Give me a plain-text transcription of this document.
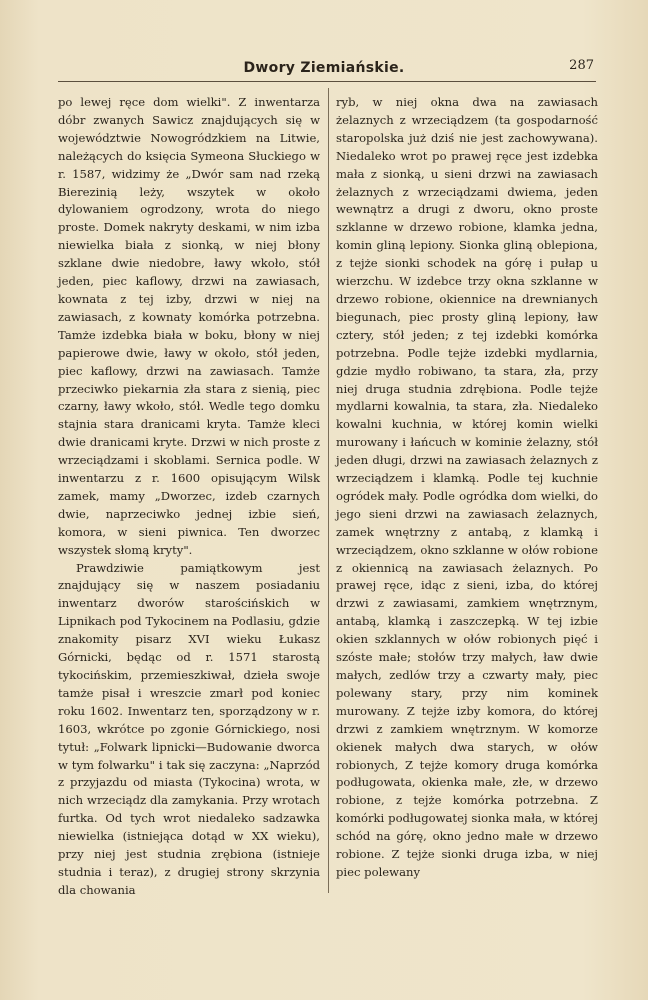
Dwory Ziemiańskie.	287

po lewej ręce dom wielki". Z inwentarza dóbr zwanych Sawicz znajdujących się w województwie Nowogródzkiem na Litwie, należących do księcia Symeona Słuckiego w r. 1587, widzimy że „Dwór sam nad rzeką Bierezinią leży, wszytek w około dylowaniem ogrodzony, wrota do niego proste. Domek nakryty deskami, w nim izba niewielka biała z sionką, w niej błony szklane dwie niedobre, ławy wkoło, stół jeden, piec kaflowy, drzwi na zawiasach, kownata z tej izby, drzwi w niej na zawiasach, z kownaty komórka potrzebna. Tamże izdebka biała w boku, błony w niej papierowe dwie, ławy w około, stół jeden, piec kaflowy, drzwi na zawiasach. Tamże przeciwko piekarnia zła stara z sienią, piec czarny, ławy wkoło, stół. Wedle tego domku stajnia stara dranicami kryta. Tamże kleci dwie dranicami kryte. Drzwi w nich proste z wrzeciądzami i skoblami. Sernica podle. W inwentarzu z r. 1600 opisującym Wilsk zamek, mamy „Dworzec, izdeb czarnych dwie, naprzeciwko jednej izbie sień, komora, w sieni piwnica. Ten dworzec wszystek słomą kryty".

Prawdziwie pamiątkowym jest znajdujący się w naszem posiadaniu inwentarz dworów starościńskich w Lipnikach pod Tykocinem na Podlasiu, gdzie znakomity pisarz XVI wieku Łukasz Górnicki, będąc od r. 1571 starostą tykocińskim, przemieszkiwał, dzieła swoje tamże pisał i wreszcie zmarł pod koniec roku 1602. Inwentarz ten, sporządzony w r. 1603, wkrótce po zgonie Górnickiego, nosi tytuł: „Folwark lipnicki—Budowanie dworca w tym folwarku" i tak się zaczyna: „Naprzód z przyjazdu od miasta (Tykocina) wrota, w nich wrzeciądz dla zamykania. Przy wrotach furtka. Od tych wrot niedaleko sadzawka niewielka (istniejąca dotąd w XX wieku), przy niej jest studnia zrębiona (istnieje studnia i teraz), z drugiej strony skrzynia dla chowania

ryb, w niej okna dwa na zawiasach żelaznych z wrzeciądzem (ta gospodarność staropolska już dziś nie jest zachowywana). Niedaleko wrot po prawej ręce jest izdebka mała z sionką, u sieni drzwi na zawiasach żelaznych z wrzeciądzami dwiema, jeden wewnątrz a drugi z dworu, okno proste szklanne w drzewo robione, klamka jedna, komin gliną lepiony. Sionka gliną oblepiona, z tejże sionki schodek na górę i pułap u wierzchu. W izdebce trzy okna szklanne w drzewo robione, okiennice na drewnianych biegunach, piec prosty gliną lepiony, ław cztery, stół jeden; z tej izdebki komórka potrzebna. Podle tejże izdebki mydlarnia, gdzie mydło robiwano, ta stara, zła, przy niej druga studnia zdrębiona. Podle tejże mydlarni kowalnia, ta stara, zła. Niedaleko kowalni kuchnia, w której komin wielki murowany i łańcuch w kominie żelazny, stół jeden długi, drzwi na zawiasach żelaznych z wrzeciądzem i klamką. Podle tej kuchnie ogródek mały. Podle ogródka dom wielki, do jego sieni drzwi na zawiasach żelaznych, zamek wnętrzny z antabą, z klamką i wrzeciądzem, okno szklanne w ołów robione z okiennicą na zawiasach żelaznych. Po prawej ręce, idąc z sieni, izba, do której drzwi z zawiasami, zamkiem wnętrznym, antabą, klamką i zaszczepką. W tej izbie okien szklannych w ołów robionych pięć i szóste małe; stołów trzy małych, ław dwie małych, zedlów trzy a czwarty mały, piec polewany stary, przy nim kominek murowany. Z tejże izby komora, do której drzwi z zamkiem wnętrznym. W komorze okienek małych dwa starych, w ołów robionych, Z tejże komory druga komórka podługowata, okienka małe, złe, w drzewo robione, z tejże komórka potrzebna. Z komórki podługowatej sionka mała, w której schód na górę, okno jedno małe w drzewo robione. Z tejże sionki druga izba, w niej piec polewany
